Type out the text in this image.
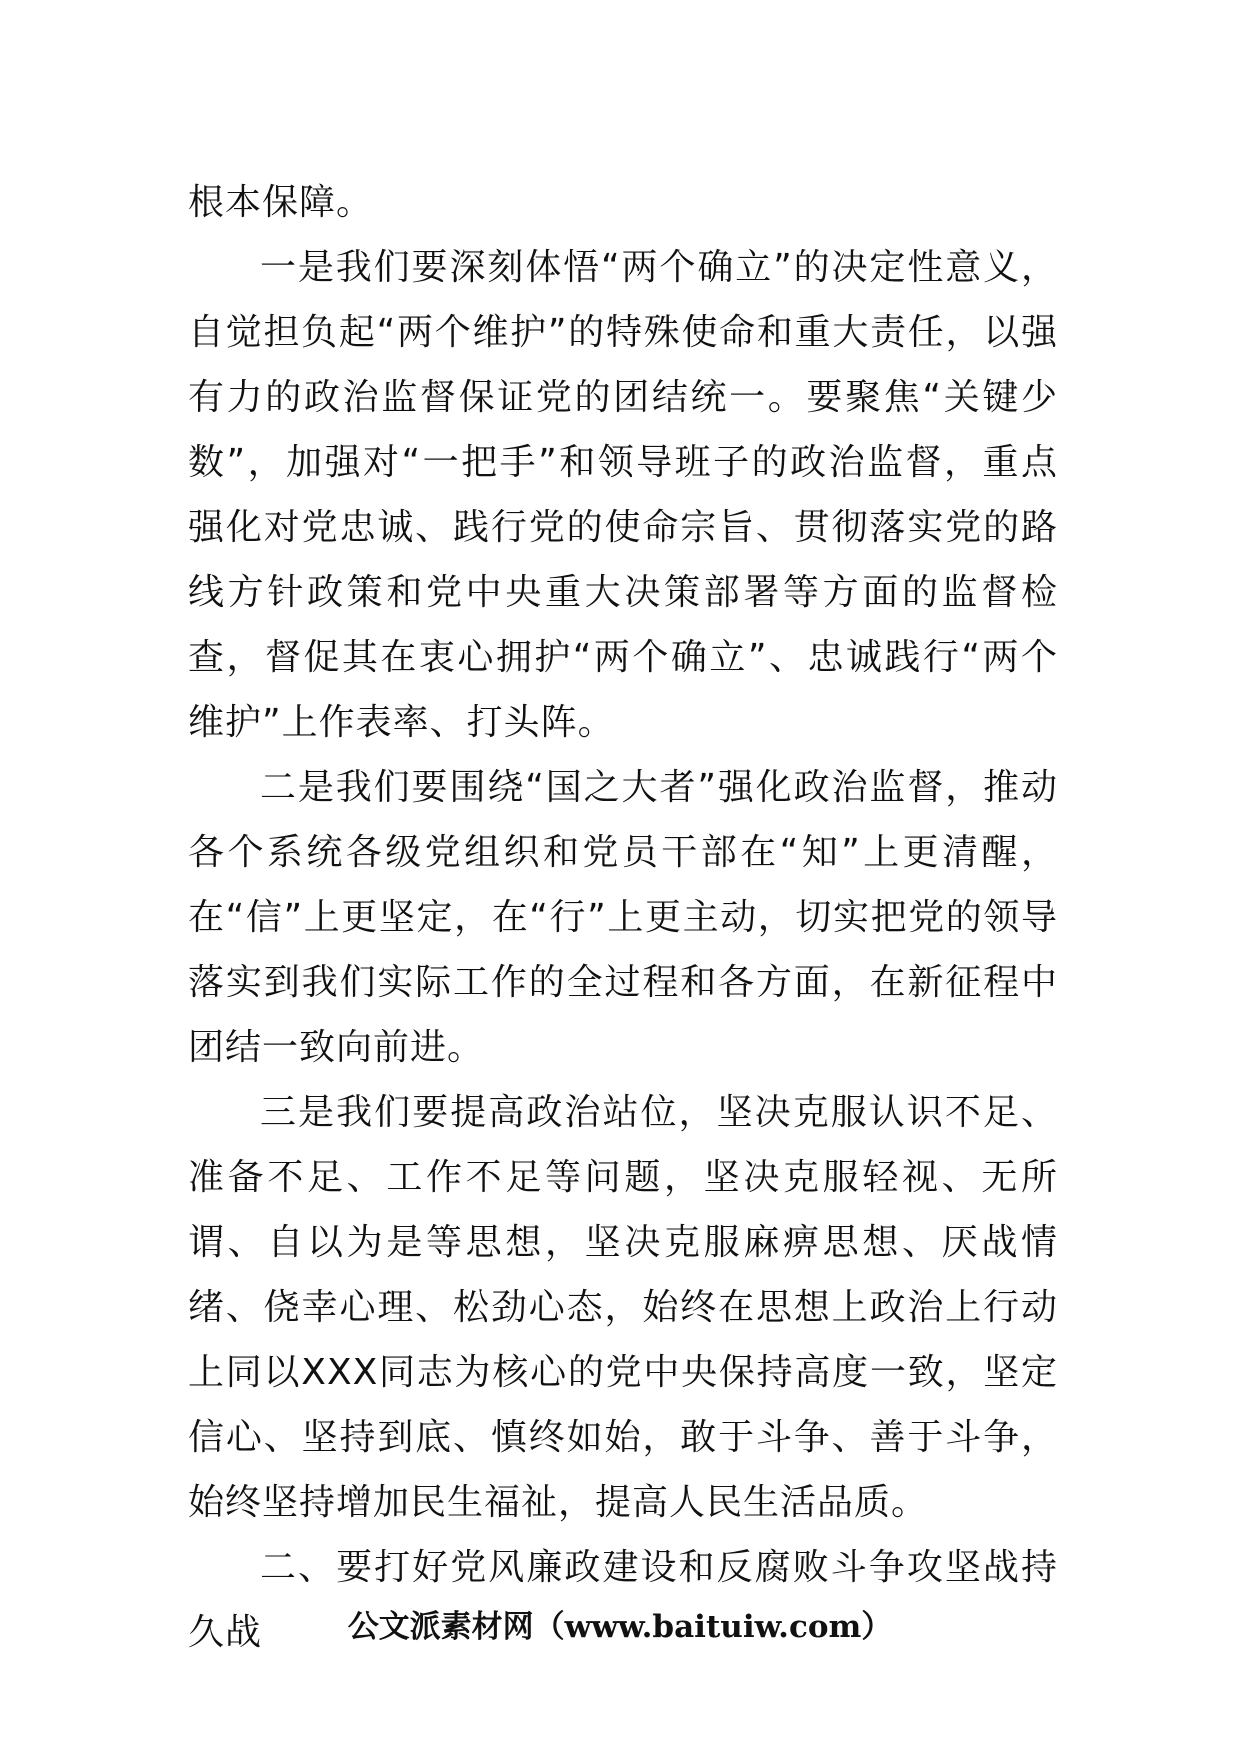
根本保障。

一是我们要深刻体悟“两个确立”的决定性意义，自觉担负起“两个维护”的特殊使命和重大责任，以强有力的政治监督保证党的团结统一。要聚焦“关键少数”，加强对“一把手”和领导班子的政治监督，重点强化对党忠诚、践行党的使命宗旨、贯彻落实党的路线方针政策和党中央重大决策部署等方面的监督检查，督促其在衷心拥护“两个确立”、忠诚践行“两个维护”上作表率、打头阵。

二是我们要围绕“国之大者”强化政治监督，推动各个系统各级党组织和党员干部在“知”上更清醒，在“信”上更坚定，在“行”上更主动，切实把党的领导落实到我们实际工作的全过程和各方面，在新征程中团结一致向前进。

三是我们要提高政治站位，坚决克服认识不足、准备不足、工作不足等问题，坚决克服轻视、无所谓、自以为是等思想，坚决克服麻痹思想、厌战情绪、侥幸心理、松劲心态，始终在思想上政治上行动上同以XXX同志为核心的党中央保持高度一致，坚定信心、坚持到底、慎终如始，敢于斗争、善于斗争，始终坚持增加民生福祉，提高人民生活品质。

二、要打好党风廉政建设和反腐败斗争攻坚战持久战	公文派素材网（www.baituiw.com）
